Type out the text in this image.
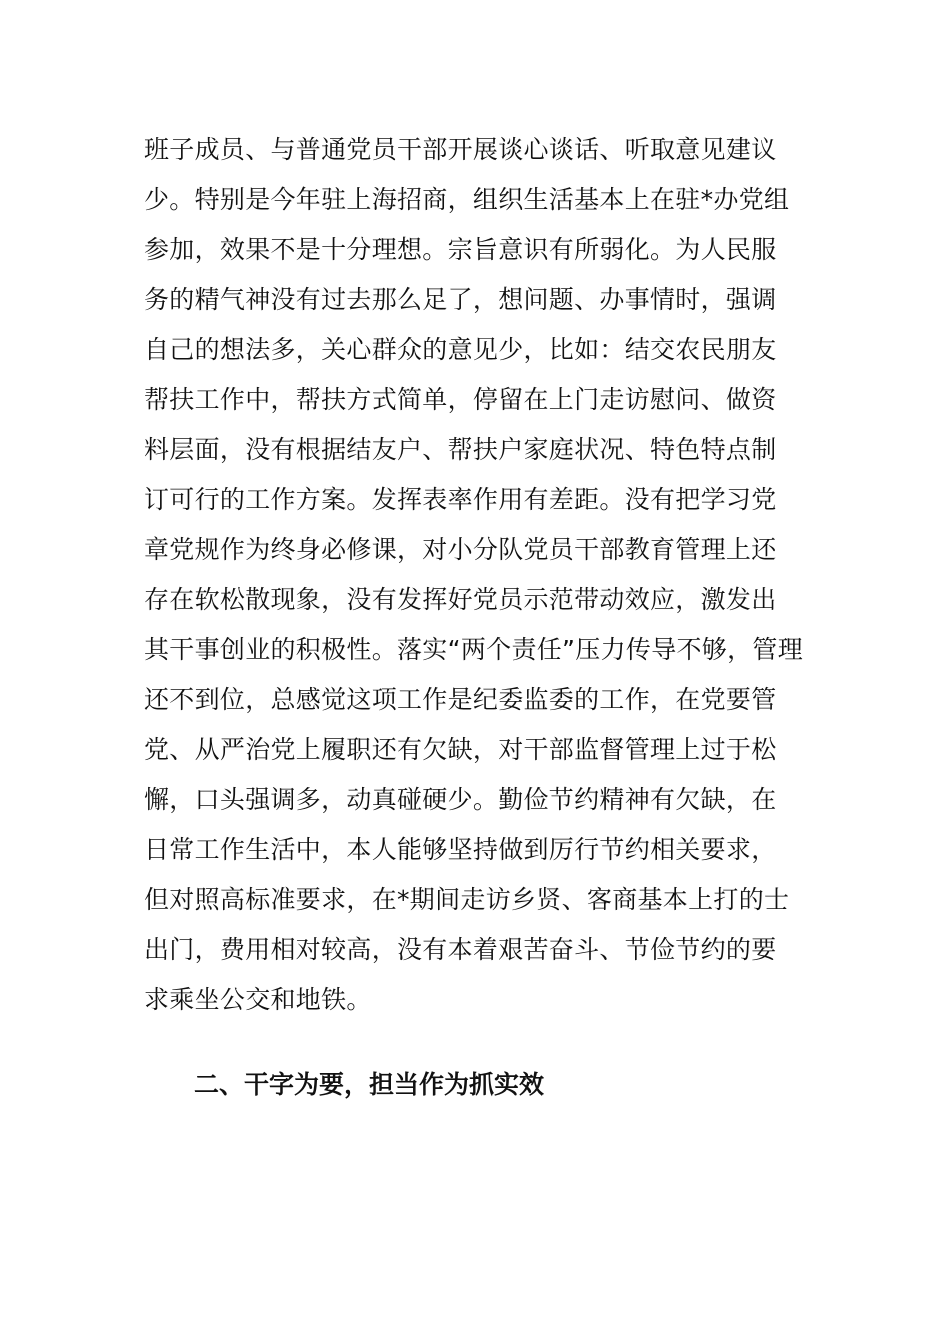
班子成员、与普通党员干部开展谈心谈话、听取意见建议
少。特别是今年驻上海招商，组织生活基本上在驻*办党组
参加，效果不是十分理想。宗旨意识有所弱化。为人民服
务的精气神没有过去那么足了，想问题、办事情时，强调
自己的想法多，关心群众的意见少，比如：结交农民朋友
帮扶工作中，帮扶方式简单，停留在上门走访慰问、做资
料层面，没有根据结友户、帮扶户家庭状况、特色特点制
订可行的工作方案。发挥表率作用有差距。没有把学习党
章党规作为终身必修课，对小分队党员干部教育管理上还
存在软松散现象，没有发挥好党员示范带动效应，激发出
其干事创业的积极性。落实“两个责任”压力传导不够，管理
还不到位，总感觉这项工作是纪委监委的工作，在党要管
党、从严治党上履职还有欠缺，对干部监督管理上过于松
懈，口头强调多，动真碰硬少。勤俭节约精神有欠缺，在
日常工作生活中，本人能够坚持做到厉行节约相关要求，
但对照高标准要求，在*期间走访乡贤、客商基本上打的士
出门，费用相对较高，没有本着艰苦奋斗、节俭节约的要
求乘坐公交和地铁。
二、干字为要，担当作为抓实效
